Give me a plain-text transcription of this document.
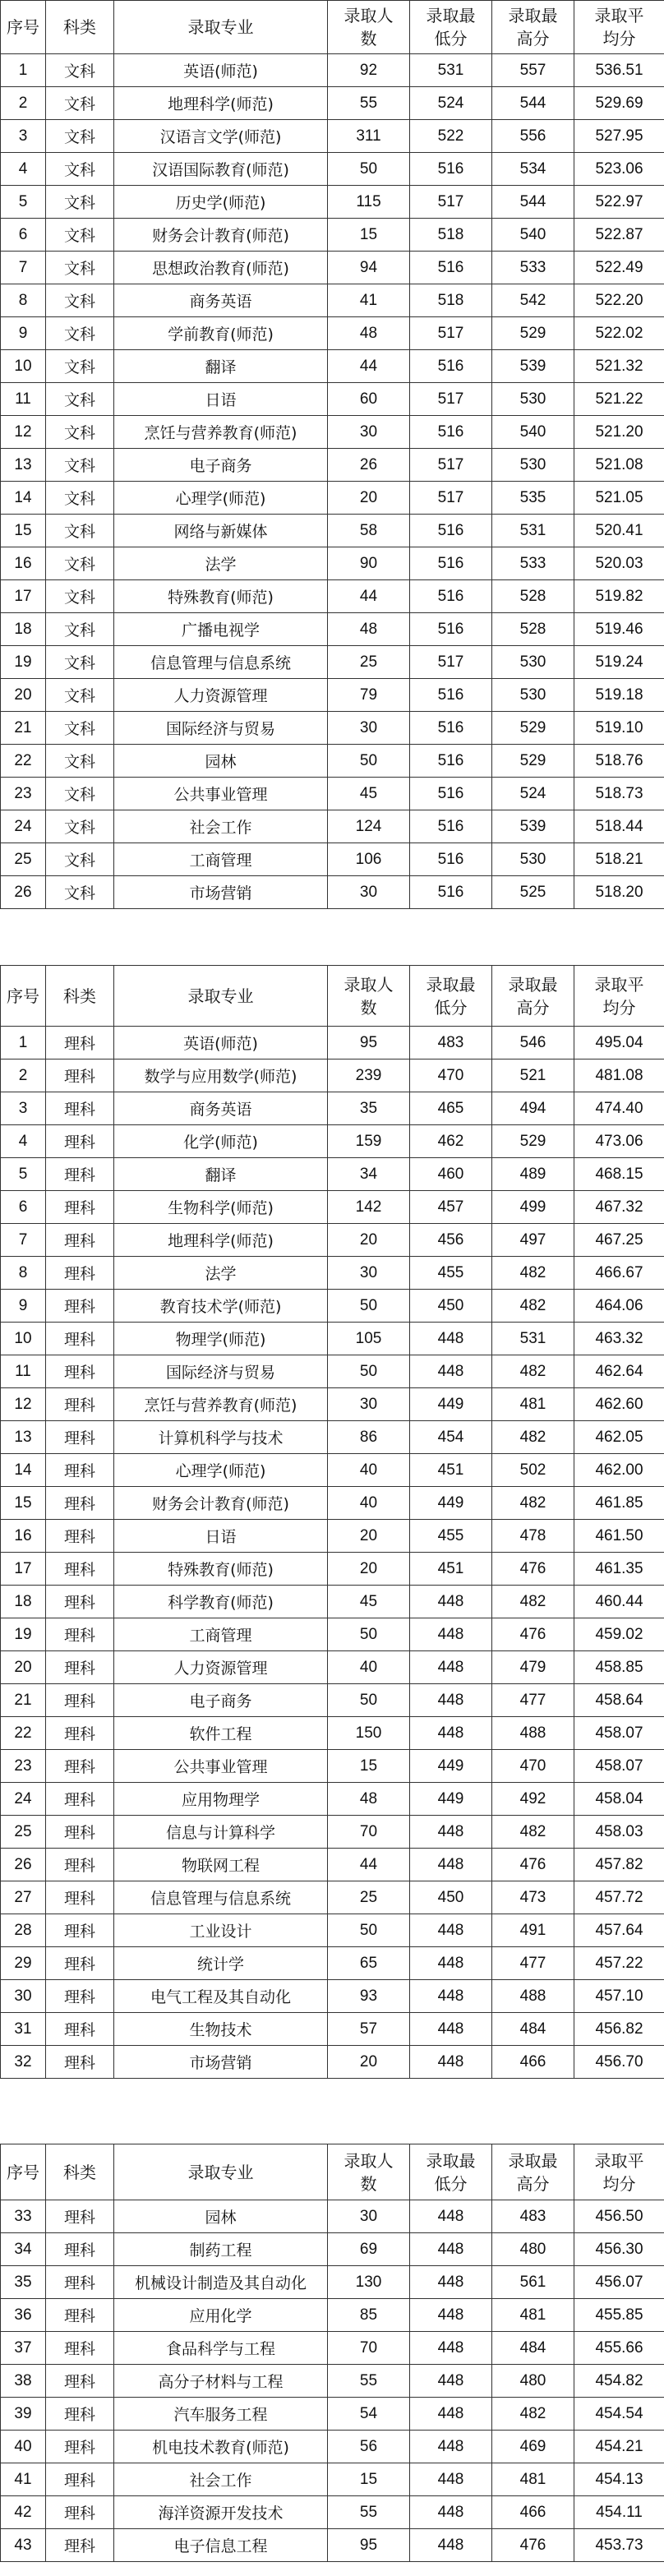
序号	科类	录取专业	录取人数	录取最低分	录取最高分	录取平均分
1	文科	英语(师范)	92	531	557	536.51
2	文科	地理科学(师范)	55	524	544	529.69
3	文科	汉语言文学(师范)	311	522	556	527.95
4	文科	汉语国际教育(师范)	50	516	534	523.06
5	文科	历史学(师范)	115	517	544	522.97
6	文科	财务会计教育(师范)	15	518	540	522.87
7	文科	思想政治教育(师范)	94	516	533	522.49
8	文科	商务英语	41	518	542	522.20
9	文科	学前教育(师范)	48	517	529	522.02
10	文科	翻译	44	516	539	521.32
11	文科	日语	60	517	530	521.22
12	文科	烹饪与营养教育(师范)	30	516	540	521.20
13	文科	电子商务	26	517	530	521.08
14	文科	心理学(师范)	20	517	535	521.05
15	文科	网络与新媒体	58	516	531	520.41
16	文科	法学	90	516	533	520.03
17	文科	特殊教育(师范)	44	516	528	519.82
18	文科	广播电视学	48	516	528	519.46
19	文科	信息管理与信息系统	25	517	530	519.24
20	文科	人力资源管理	79	516	530	519.18
21	文科	国际经济与贸易	30	516	529	519.10
22	文科	园林	50	516	529	518.76
23	文科	公共事业管理	45	516	524	518.73
24	文科	社会工作	124	516	539	518.44
25	文科	工商管理	106	516	530	518.21
26	文科	市场营销	30	516	525	518.20
序号	科类	录取专业	录取人数	录取最低分	录取最高分	录取平均分
1	理科	英语(师范)	95	483	546	495.04
2	理科	数学与应用数学(师范)	239	470	521	481.08
3	理科	商务英语	35	465	494	474.40
4	理科	化学(师范)	159	462	529	473.06
5	理科	翻译	34	460	489	468.15
6	理科	生物科学(师范)	142	457	499	467.32
7	理科	地理科学(师范)	20	456	497	467.25
8	理科	法学	30	455	482	466.67
9	理科	教育技术学(师范)	50	450	482	464.06
10	理科	物理学(师范)	105	448	531	463.32
11	理科	国际经济与贸易	50	448	482	462.64
12	理科	烹饪与营养教育(师范)	30	449	481	462.60
13	理科	计算机科学与技术	86	454	482	462.05
14	理科	心理学(师范)	40	451	502	462.00
15	理科	财务会计教育(师范)	40	449	482	461.85
16	理科	日语	20	455	478	461.50
17	理科	特殊教育(师范)	20	451	476	461.35
18	理科	科学教育(师范)	45	448	482	460.44
19	理科	工商管理	50	448	476	459.02
20	理科	人力资源管理	40	448	479	458.85
21	理科	电子商务	50	448	477	458.64
22	理科	软件工程	150	448	488	458.07
23	理科	公共事业管理	15	449	470	458.07
24	理科	应用物理学	48	449	492	458.04
25	理科	信息与计算科学	70	448	482	458.03
26	理科	物联网工程	44	448	476	457.82
27	理科	信息管理与信息系统	25	450	473	457.72
28	理科	工业设计	50	448	491	457.64
29	理科	统计学	65	448	477	457.22
30	理科	电气工程及其自动化	93	448	488	457.10
31	理科	生物技术	57	448	484	456.82
32	理科	市场营销	20	448	466	456.70
序号	科类	录取专业	录取人数	录取最低分	录取最高分	录取平均分
33	理科	园林	30	448	483	456.50
34	理科	制药工程	69	448	480	456.30
35	理科	机械设计制造及其自动化	130	448	561	456.07
36	理科	应用化学	85	448	481	455.85
37	理科	食品科学与工程	70	448	484	455.66
38	理科	高分子材料与工程	55	448	480	454.82
39	理科	汽车服务工程	54	448	482	454.54
40	理科	机电技术教育(师范)	56	448	469	454.21
41	理科	社会工作	15	448	481	454.13
42	理科	海洋资源开发技术	55	448	466	454.11
43	理科	电子信息工程	95	448	476	453.73
